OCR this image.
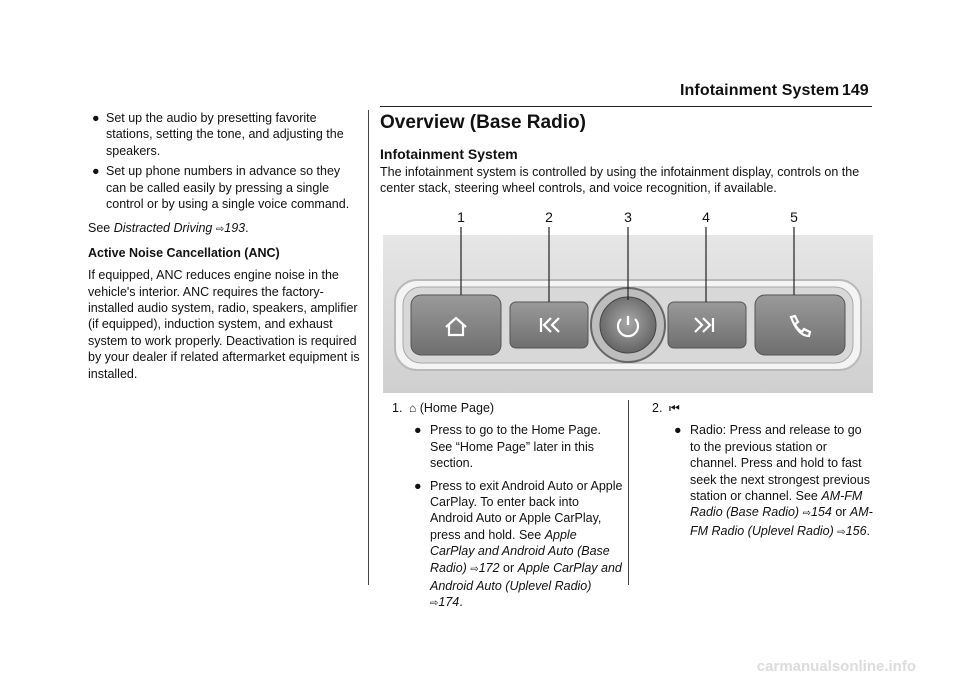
Infotainment System 149
● Set up the audio by presetting favorite stations, setting the tone, and adjusting the speakers.
● Set up phone numbers in advance so they can be called easily by pressing a single control or by using a single voice command.

See Distracted Driving ⇨193.

Active Noise Cancellation (ANC)

If equipped, ANC reduces engine noise in the vehicle's interior. ANC requires the factory-installed audio system, radio, speakers, amplifier (if equipped), induction system, and exhaust system to work properly. Deactivation is required by your dealer if related aftermarket equipment is installed.

Overview (Base Radio)
Infotainment System
The infotainment system is controlled by using the infotainment display, controls on the center stack, steering wheel controls, and voice recognition, if available.
1	2	3	4	5
1. ⌂ (Home Page)
● Press to go to the Home Page. See “Home Page” later in this section.
● Press to exit Android Auto or Apple CarPlay. To enter back into Android Auto or Apple CarPlay, press and hold. See Apple CarPlay and Android Auto (Base Radio) ⇨172 or Apple CarPlay and Android Auto (Uplevel Radio) ⇨174.
2. ⏮
● Radio: Press and release to go to the previous station or channel. Press and hold to fast seek the next strongest previous station or channel. See AM-FM Radio (Base Radio) ⇨154 or AM-FM Radio (Uplevel Radio) ⇨156.
carmanualsonline.info
